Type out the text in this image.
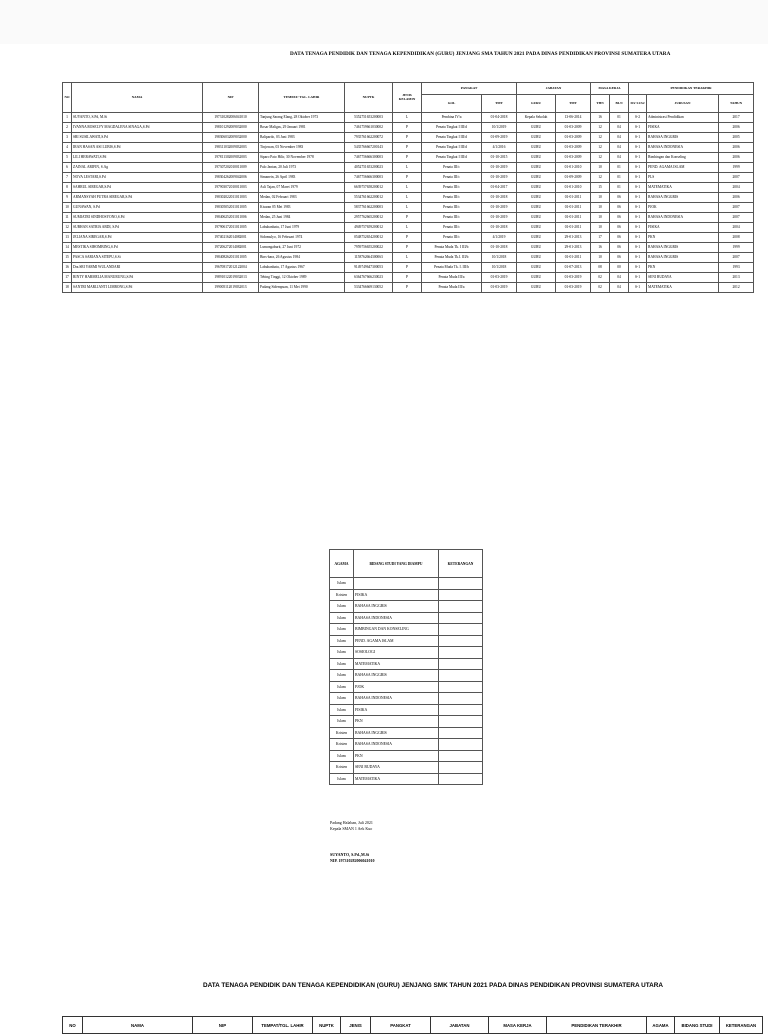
DATA TENAGA PENDIDIK DAN TENAGA KEPENDIDIKAN (GURU) JENJANG SMA TAHUN 2021 PADA DINAS PENDIDIKAN PROVINSI SUMATERA UTARA
NO	NAMA	NIP	TEMPAT/ TGL. LAHIR	NUPTK	JENIS KELAMIN	PANGKAT		JABATAN		MASA KERJA		PENDIDIKAN TERAKHIR		
						GOL	TMT	GURU	TMT	THN	BLN	D3/ S1/S2	JURUSAN	TAHUN
1	SUYANTO, S.Pd, M.Si	197310282006041010	Tanjung Sarang Elang, 28 Oktober 1973	5352751653200003	L	Pembina IV/a	01-04-2018	Kepala Sekolah	13-06-2014	16	01	S-2	Administrasi Pendidikan	2017
2	IVANNA ROSELVY MAGDALENA SINAGA,S.Pd	198101292009032000	Bosar Maligas, 29 Januari 1981	7461759661030002	P	Penata Tingkat I III/d	10/1/2019	GURU	01-03-2009	12	04	S-1	FISIKA	2006
3	SRI SUSILAWATI,S.Pd	198306032009032000	Balipardo, 03 Juni 1983	7935761662200072	P	Penata Tingkat I III/d	01-09-2019	GURU	01-03-2009	12	04	S-1	BAHASA INGGRIS	2005
4	IRAN HASAN ASI LUBIS,S.Pd	198311032009032003	Tinjowan, 03 November 1983	5435766667200143	P	Penata Tingkat I III/d	4/1/2016	GURU	01-03-2009	12	04	S-1	BAHASA INDONESIA	2006
5	LILI HERAWATI,S.Pd	197811302009032003	Siparo Pato Hilir, 30 November 1978	7467756666300003	P	Penata Tingkat I III/d	01-10-2015	GURU	01-03-2009	12	04	S-1	Bimbingan dan Konseling	2006
6	ZAINAL ARIFIN, S.Ag	197307202010011009	Palo Jantan, 20 Juli 1973	4052751653200023	L	Penata III/c	01-10-2019	GURU	01-01-2010	10	01	S-1	PEND. AGAMA ISLAM	1999
7	NOVA LESTARI,S.Pd	198304262009042006	Simanein, 26 April 1983	7467756666300003	P	Penata III/c	01-10-2019	GURU	01-09-2009	12	01	S-1	PLS	2007
8	SAHRUL SIREGAR,S.Pd	197903072010011003	Asli Tajan, 07 Maret 1979	6639757658200012	L	Penata III/c	01-04-2017	GURU	01-01-2010	15	01	S-1	MATEMATIKA	2004
9	ARMANSYAH PUTRA SIREGAR,S.Pd	198302022011011003	Medan, 02 Februari 1983	5534761662200012	L	Penata III/c	01-10-2018	GURU	01-01-2011	10	06	S-1	BAHASA INGGRIS	2006
10	GUNAWAN, S.Pd	198305052011011005	Kisaran 05 Mei 1983	5837761662200003	L	Penata III/c	01-10-2019	GURU	01-01-2011	10	06	S-1	PJOK	2007
11	SUMIATRI SINDHOSYONO,S.Pd	198406252011011006	Medan, 25 Juni 1984	2957762665200012	P	Penata III/c	01-10-2019	GURU	01-01-2011	10	06	S-1	BAHASA INDONESIA	2007
12	SUBHAN SATRIA ABDI, S.Pd	197906172011011005	Labuhanbatu, 17 Juni 1979	4949757659200012	L	Penata III/c	01-10-2018	GURU	01-01-2011	10	06	S-1	FISIKA	2004
13	JELIANA SIREGAR,S.Pd	197402162014082001	Sidomulyo, 16 Februari 1974	0548752654200012	P	Penata III/c	4/1/2019	GURU	29-01-2013	17	06	S-1	PKN	2008
14	MESTIKA SIHOMBING,S.Pd	197206272014082001	Lumongaburit, 27 Juni 1972	7959756655200022	P	Penata Muda Tk. I III/b	01-10-2018	GURU	29-01-2013	16	06	S-1	BAHASA INGGRIS	1999
15	PASCA SARIANA SITEPU,S.Si	198408262011011005	Bins-bara, 26 Agustus 1984	1158762664300063	L	Penata Muda Tk.I. III/b	10/1/2018	GURU	01-01-2011	10	06	S-1	BAHASA INGGRIS	2007
16	Dra.SRI YARMI WULANDARI	196708172012122004	Labuhanbatu, 17 Agustus 1967	9149749647300053	P	Penata Muda Tk. I. III/b	10/1/2018	GURU	01-07-2013	08	00	S-1	PKN	1993
17	RINTY HARMELIA MANURUNG,S.Pd	198910122019032013	Tebing Tinggi, 12 Oktober 1989	6364767666230023	P	Penata Muda III/a	01-03-2019	GURU	01-03-2019	02	04	S-1	SENI BUDAYA	2013
18	SANTRI MARLIANTI LIMBONG,S.Pd	199005112019032013	Padang Sidempuan, 11 Mei 1990	5334766669130052	P	Penata Muda III/a	01-03-2019	GURU	01-03-2019	02	04	S-1	MATEMATIKA	2012
AGAMA	BIDANG STUDI YANG DIAMPU	KETERANGAN
Islam		
Kristen	FISIKA	
Islam	BAHASA INGGRIS	
Islam	BAHASA INDONESIA	
Islam	BIMBINGAN DAN KONSELING	
Islam	PEND. AGAMA ISLAM	
Islam	SOSIOLOGI	
Islam	MATEMATIKA	
Islam	BAHASA INGGRIS	
Islam	PJOK	
Islam	BAHASA INDONESIA	
Islam	FISIKA	
Islam	PKN	
Kristen	BAHASA INGGRIS	
Kristen	BAHASA INDONESIA	
Islam	PKN	
Kristen	SENI BUDAYA	
Islam	MATEMATIKA	
Padang Halaban, Juli 2021
Kepala SMAN 1 Aek Kuo
SUYANTO, S.Pd.,M.Si
NIP. 197310282006041010
DATA TENAGA PENDIDIK DAN TENAGA KEPENDIDIKAN (GURU) JENJANG SMK TAHUN 2021 PADA DINAS PENDIDIKAN PROVINSI SUMATERA UTARA
NO	NAMA	NIP	TEMPAT/TGL. LAHIR	NUPTK	JENIS	PANGKAT	JABATAN	MASA KERJA	PENDIDIKAN TERAKHIR	AGAMA	BIDANG STUDI	KETERANGAN
